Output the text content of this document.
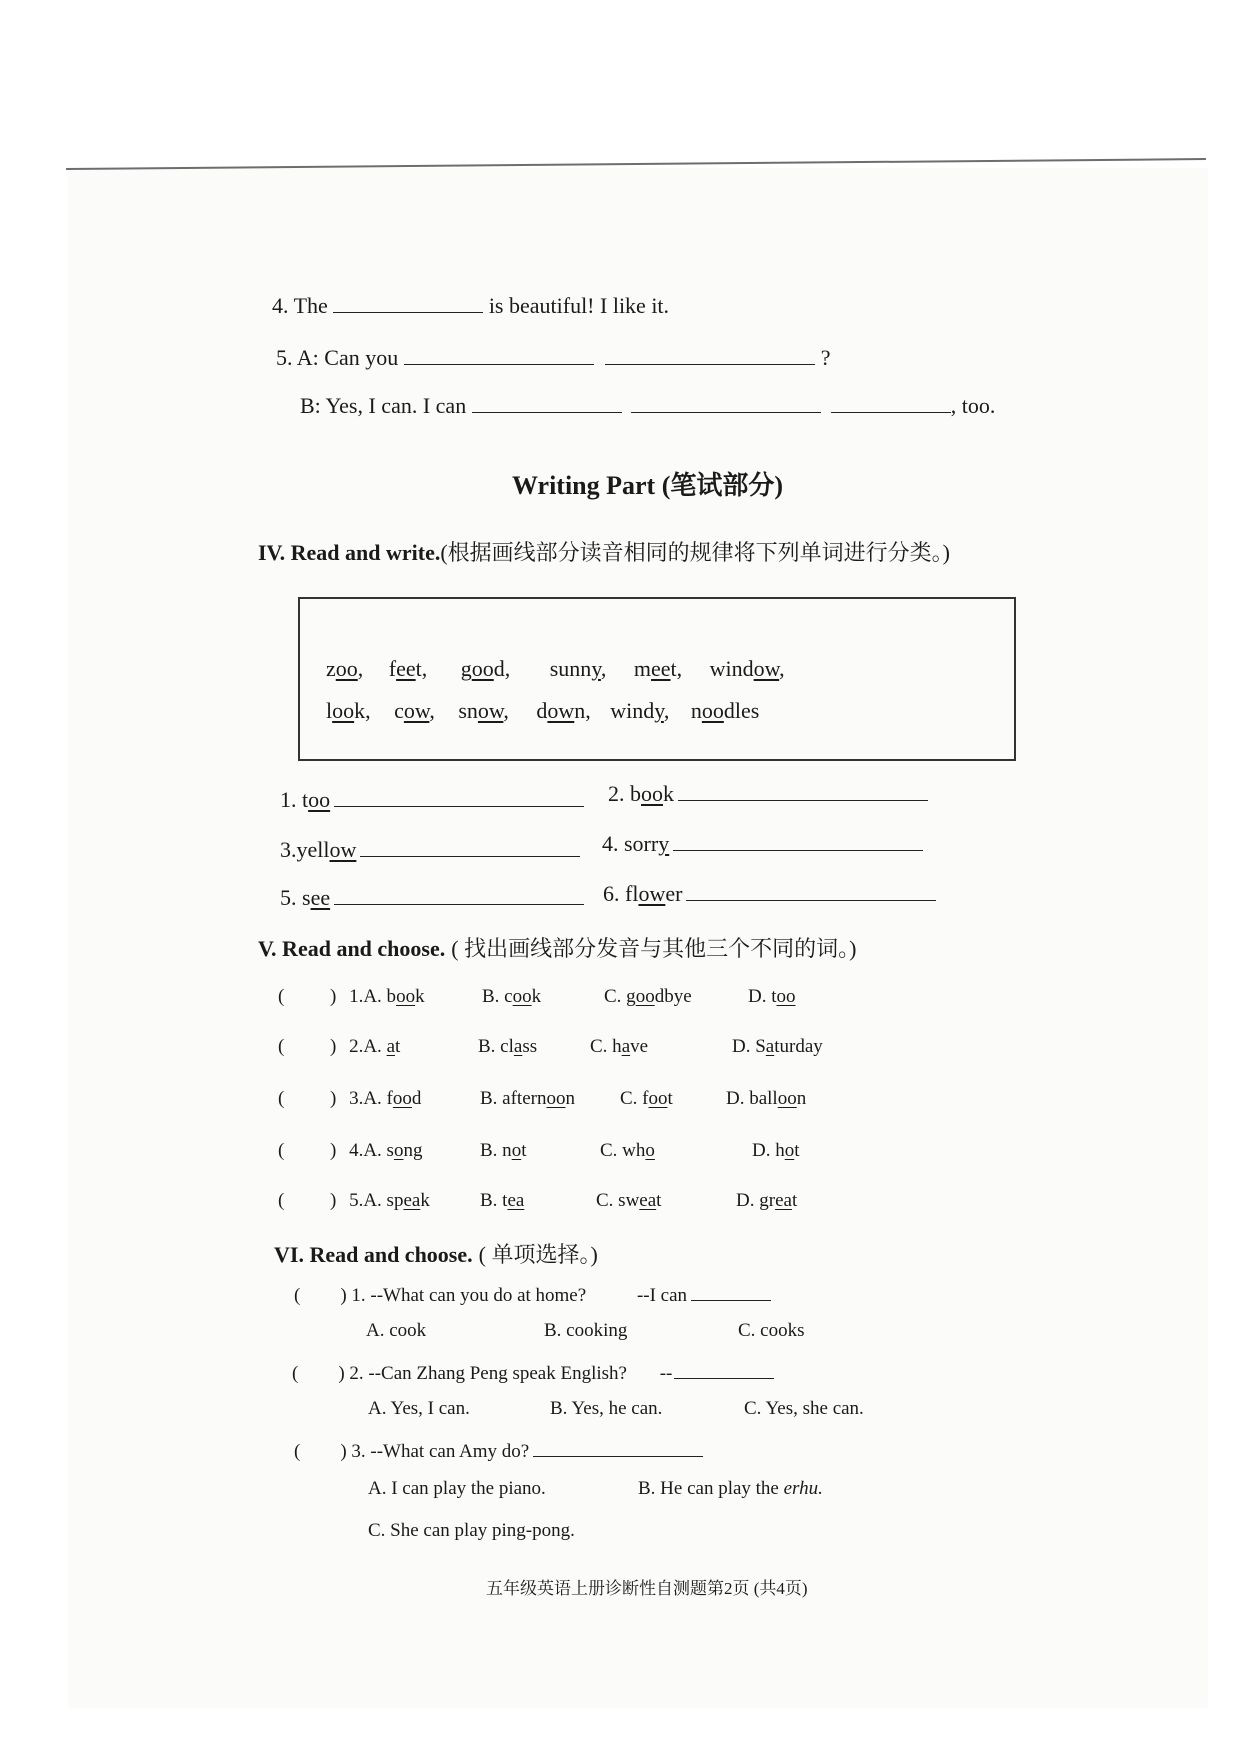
4. The	is beautiful! I like it.
5. A: Can you	?
B: Yes, I can. I can	, too.
Writing Part (笔试部分)
IV. Read and write.(根据画线部分读音相同的规律将下列单词进行分类。)
zoo, feet, good, sunny, meet, window,
look, cow, snow, down, windy, noodles
1. too	2. book
3.yellow	4. sorry
5. see	6. flower
V. Read and choose. ( 找出画线部分发音与其他三个不同的词。)
( ) 1.A. book	B. cook	C. goodbye	D. too
( ) 2.A. at	B. class	C. have	D. Saturday
( ) 3.A. food	B. afternoon C. foot	D. balloon
( ) 4.A. song	B. not	C. who	D. hot
( ) 5.A. speak	B. tea	C. sweat	D. great
VI. Read and choose. ( 单项选择。)
( ) 1. --What can you do at home?	--I can
A. cook	B. cooking	C. cooks
( ) 2. --Can Zhang Peng speak English? --
A. Yes, I can.	B. Yes, he can.	C. Yes, she can.
( ) 3. --What can Amy do?
A. I can play the piano.	B. He can play the erhu.
C. She can play ping-pong.
五年级英语上册诊断性自测题第2页 (共4页)
